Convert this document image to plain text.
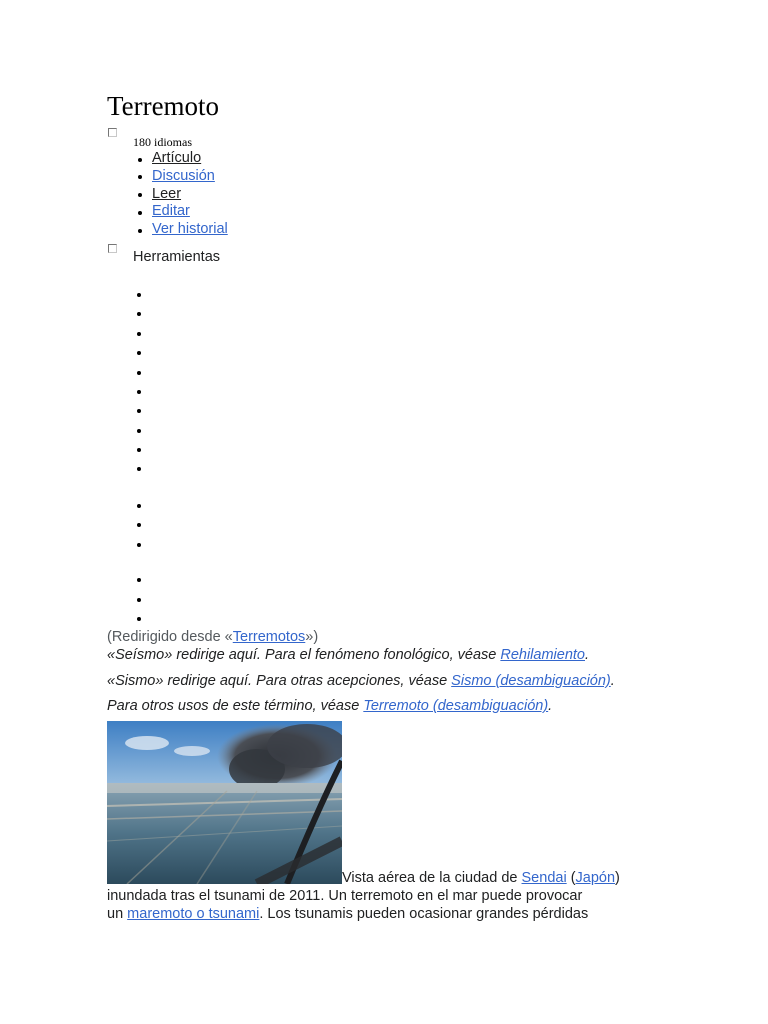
Terremoto
180 idiomas
Artículo
Discusión
Leer
Editar
Ver historial
Herramientas
(Redirigido desde «Terremotos»)
«Seísmo» redirige aquí. Para el fenómeno fonológico, véase Rehilamiento.
«Sismo» redirige aquí. Para otras acepciones, véase Sismo (desambiguación).
Para otros usos de este término, véase Terremoto (desambiguación).
Vista aérea de la ciudad de Sendai (Japón)
inundada tras el tsunami de 2011. Un terremoto en el mar puede provocar
un maremoto o tsunami. Los tsunamis pueden ocasionar grandes pérdidas
